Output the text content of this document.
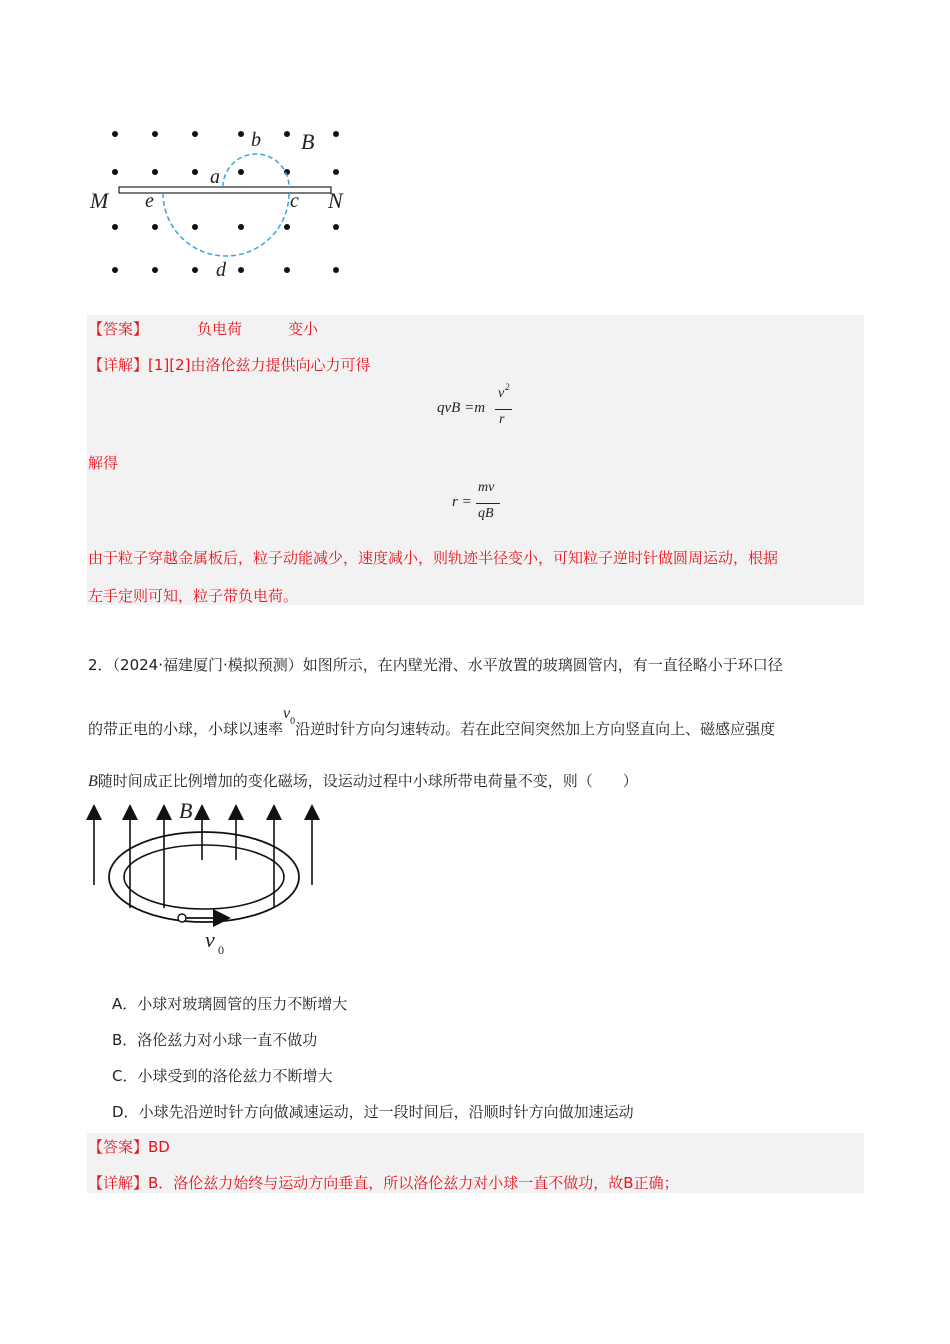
M	N
a
b
c
d
e
B
【答案】	负电荷	变小
【详解】[1][2]由洛伦兹力提供向心力可得
qvB =m
v 2
r
解得
r =
mv
qB
由于粒子穿越金属板后，粒子动能减少，速度减小，则轨迹半径变小，可知粒子逆时针做圆周运动，根据
左手定则可知，粒子带负电荷。
2．（2024·福建厦门·模拟预测）如图所示，在内壁光滑、水平放置的玻璃圆管内，有一直径略小于环口径
的带正电的小球，小球以速率$v^0$沿逆时针方向匀速转动。若在此空间突然加上方向竖直向上、磁感应强度
B随时间成正比例增加的变化磁场，设运动过程中小球所带电荷量不变，则（　　）
B
v 0
A．小球对玻璃圆管的压力不断增大
B．洛伦兹力对小球一直不做功
C．小球受到的洛伦兹力不断增大
D．小球先沿逆时针方向做减速运动，过一段时间后，沿顺时针方向做加速运动
【答案】BD
【详解】B．洛伦兹力始终与运动方向垂直，所以洛伦兹力对小球一直不做功，故B正确；
